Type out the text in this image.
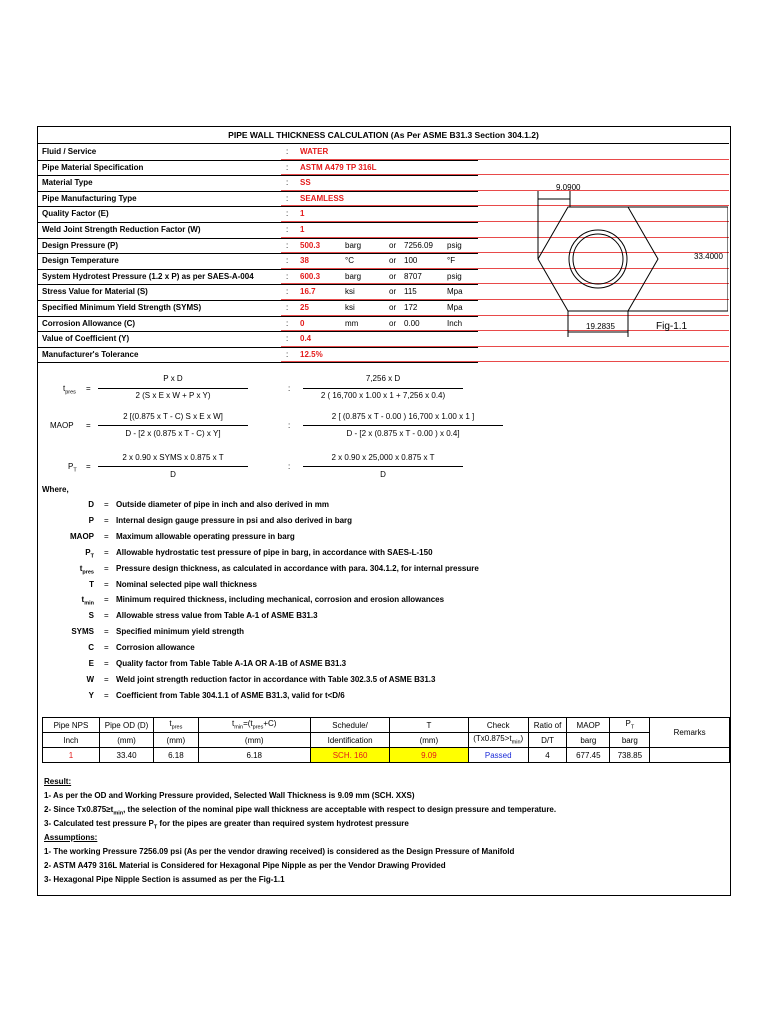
PIPE WALL THICKNESS CALCULATION (As Per ASME B31.3 Section 304.1.2)
Fluid / Service	: WATER
Pipe Material Specification	: ASTM A479 TP 316L
Material Type	: SS
Pipe Manufacturing Type	: SEAMLESS
Quality Factor (E)	: 1
Weld Joint Strength Reduction Factor (W)	: 1
Design Pressure (P)	: 500.3	barg	or 7256.09 psig
Design Temperature	: 38	°C	or 100	°F
System Hydrotest Pressure (1.2 x P) as per SAES-A-004	: 600.3	barg	or 8707	psig
Stress Value for Material (S)	: 16.7	ksi	or 115	Mpa
Specified Minimum Yield Strength (SYMS)	: 25	ksi	or 172	Mpa
Corrosion Allowance (C)	: 0	mm	or 0.00	Inch
Value of Coefficient (Y)	: 0.4
Manufacturer's Tolerance	: 12.5%
9.0900
33.4000
19.2835	Fig-1.1
$t_{pres}$ =
P x D
2 (S x E x W + P x Y)
:
7,256 x D
2 ( 16,700 x 1.00 x 1 + 7,256 x 0.4)
MAOP =
2 [(0.875 x T - C) S x E x W]
D - [2 x (0.875 x T - C) x Y]
:
2 [ (0.875 x T - 0.00 ) 16,700 x 1.00 x 1 ]
D - [2 x (0.875 x T - 0.00 ) x 0.4]
$P_T$ =
2 x 0.90 x SYMS x 0.875 x T
D
:
2 x 0.90 x 25,000 x 0.875 x T
D
Where,
D = Outside diameter of pipe in inch and also derived in mm
P = Internal design gauge pressure in psi and also derived in barg
MAOP = Maximum allowable operating pressure in barg
$P_T$ = Allowable hydrostatic test pressure of pipe in barg, in accordance with SAES-L-150
$t_{pres}$ = Pressure design thickness, as calculated in accordance with para. 304.1.2, for internal pressure
T = Nominal selected pipe wall thickness
$t_{min}$ = Minimum required thickness, including mechanical, corrosion and erosion allowances
S = Allowable stress value from Table A-1 of ASME B31.3
SYMS = Specified minimum yield strength
C = Corrosion allowance
E = Quality factor from Table Table A-1A OR A-1B of ASME B31.3
W = Weld joint strength reduction factor in accordance with Table 302.3.5 of ASME B31.3
Y = Coefficient from Table 304.1.1 of ASME B31.3, valid for t<D/6
Pipe NPS	Pipe OD (D)	$t_{pres}$	$t_{min}=(t_{pres}+C)$	Schedule/	T	Check	Ratio of	MAOP	$P_T$	Remarks
Inch	(mm)	(mm)	(mm)	Identification	(mm)	$(Tx0.875>t_{min})$	D/T	barg	barg	
1	33.40	6.18	6.18	SCH. 160	9.09	Passed	4	677.45	738.85	
Result:
1- As per the OD and Working Pressure provided, Selected Wall Thickness is 9.09 mm (SCH. XXS)
2- Since $Tx0.875\ge t_{min}$, the selection of the nominal pipe wall thickness are acceptable with respect to design pressure and temperature.
3- Calculated test pressure $P_T$ for the pipes are greater than required system hydrotest pressure
Assumptions:
1- The working Pressure 7256.09 psi (As per the vendor drawing received) is considered as the Design Pressure of Manifold
2- ASTM A479 316L Material is Considered for Hexagonal Pipe Nipple as per the Vendor Drawing Provided
3- Hexagonal Pipe Nipple Section is assumed as per the Fig-1.1
